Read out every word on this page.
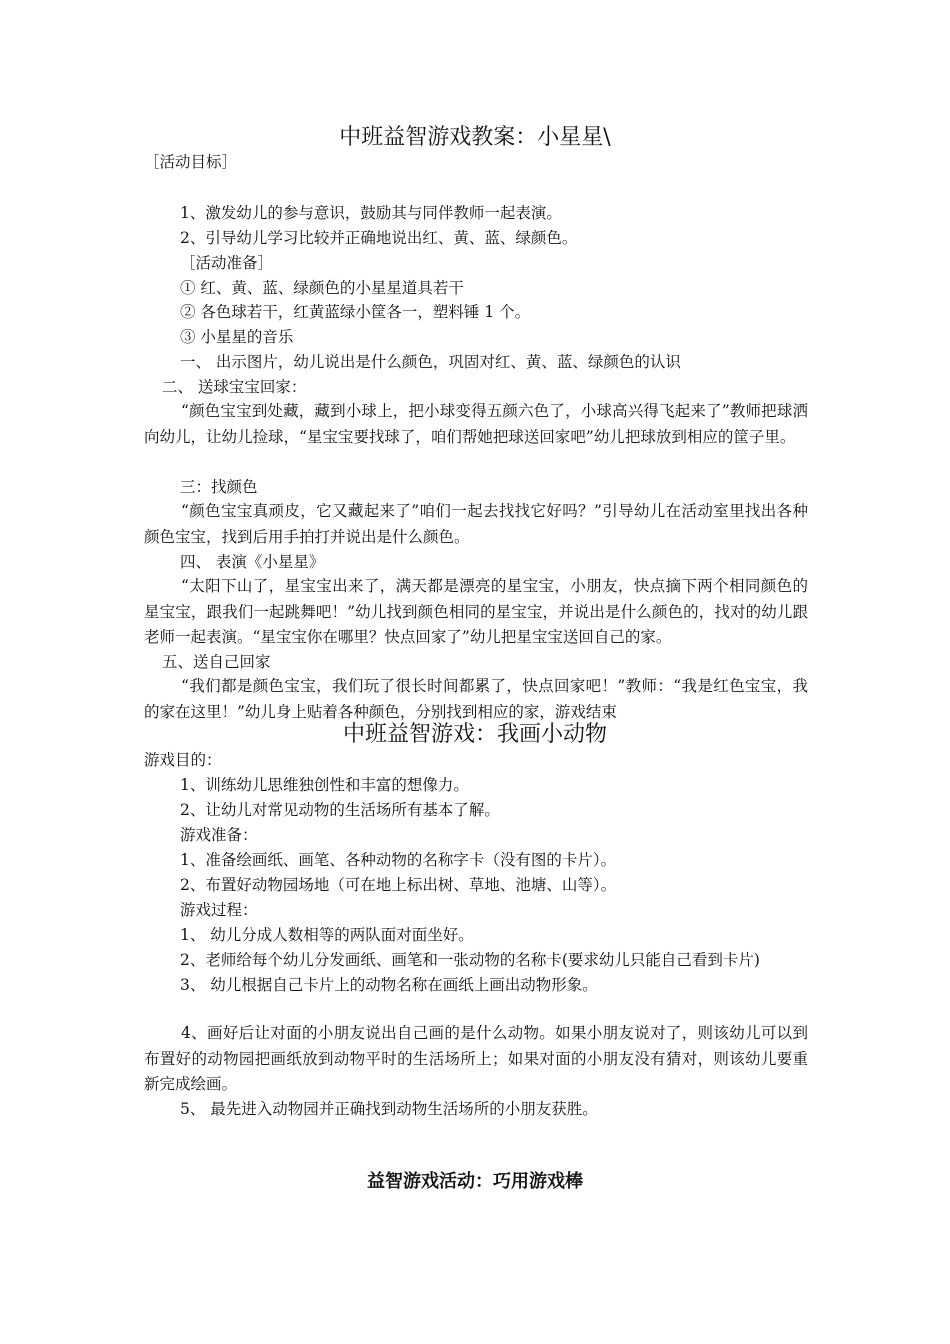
中班益智游戏教案：小星星\
［活动目标］
1、激发幼儿的参与意识，鼓励其与同伴教师一起表演。
2、引导幼儿学习比较并正确地说出红、黄、蓝、绿颜色。
［活动准备］
① 红、黄、蓝、绿颜色的小星星道具若干
② 各色球若干，红黄蓝绿小筐各一，塑料锤 1 个。
③ 小星星的音乐
一、 出示图片，幼儿说出是什么颜色，巩固对红、黄、蓝、绿颜色的认识
二、 送球宝宝回家：
“颜色宝宝到处藏，藏到小球上，把小球变得五颜六色了，小球高兴得飞起来了”教师把球洒向幼儿，让幼儿捡球，“星宝宝要找球了，咱们帮她把球送回家吧”幼儿把球放到相应的筐子里。
三：找颜色
“颜色宝宝真顽皮，它又藏起来了”咱们一起去找找它好吗？”引导幼儿在活动室里找出各种颜色宝宝，找到后用手拍打并说出是什么颜色。
四、 表演《小星星》
“太阳下山了，星宝宝出来了，满天都是漂亮的星宝宝，小朋友，快点摘下两个相同颜色的星宝宝，跟我们一起跳舞吧！”幼儿找到颜色相同的星宝宝，并说出是什么颜色的，找对的幼儿跟老师一起表演。“星宝宝你在哪里？快点回家了”幼儿把星宝宝送回自己的家。
五、送自己回家
“我们都是颜色宝宝，我们玩了很长时间都累了，快点回家吧！”教师：“我是红色宝宝，我的家在这里！”幼儿身上贴着各种颜色，分别找到相应的家，游戏结束
中班益智游戏：我画小动物
游戏目的：
1、训练幼儿思维独创性和丰富的想像力。
2、让幼儿对常见动物的生活场所有基本了解。
游戏准备：
1、准备绘画纸、画笔、各种动物的名称字卡（没有图的卡片）。
2、布置好动物园场地（可在地上标出树、草地、池塘、山等）。
游戏过程：
1、 幼儿分成人数相等的两队面对面坐好。
2、老师给每个幼儿分发画纸、画笔和一张动物的名称卡(要求幼儿只能自己看到卡片)
3、 幼儿根据自己卡片上的动物名称在画纸上画出动物形象。
4、画好后让对面的小朋友说出自己画的是什么动物。如果小朋友说对了，则该幼儿可以到布置好的动物园把画纸放到动物平时的生活场所上；如果对面的小朋友没有猜对，则该幼儿要重新完成绘画。
5、 最先进入动物园并正确找到动物生活场所的小朋友获胜。
益智游戏活动：巧用游戏棒
